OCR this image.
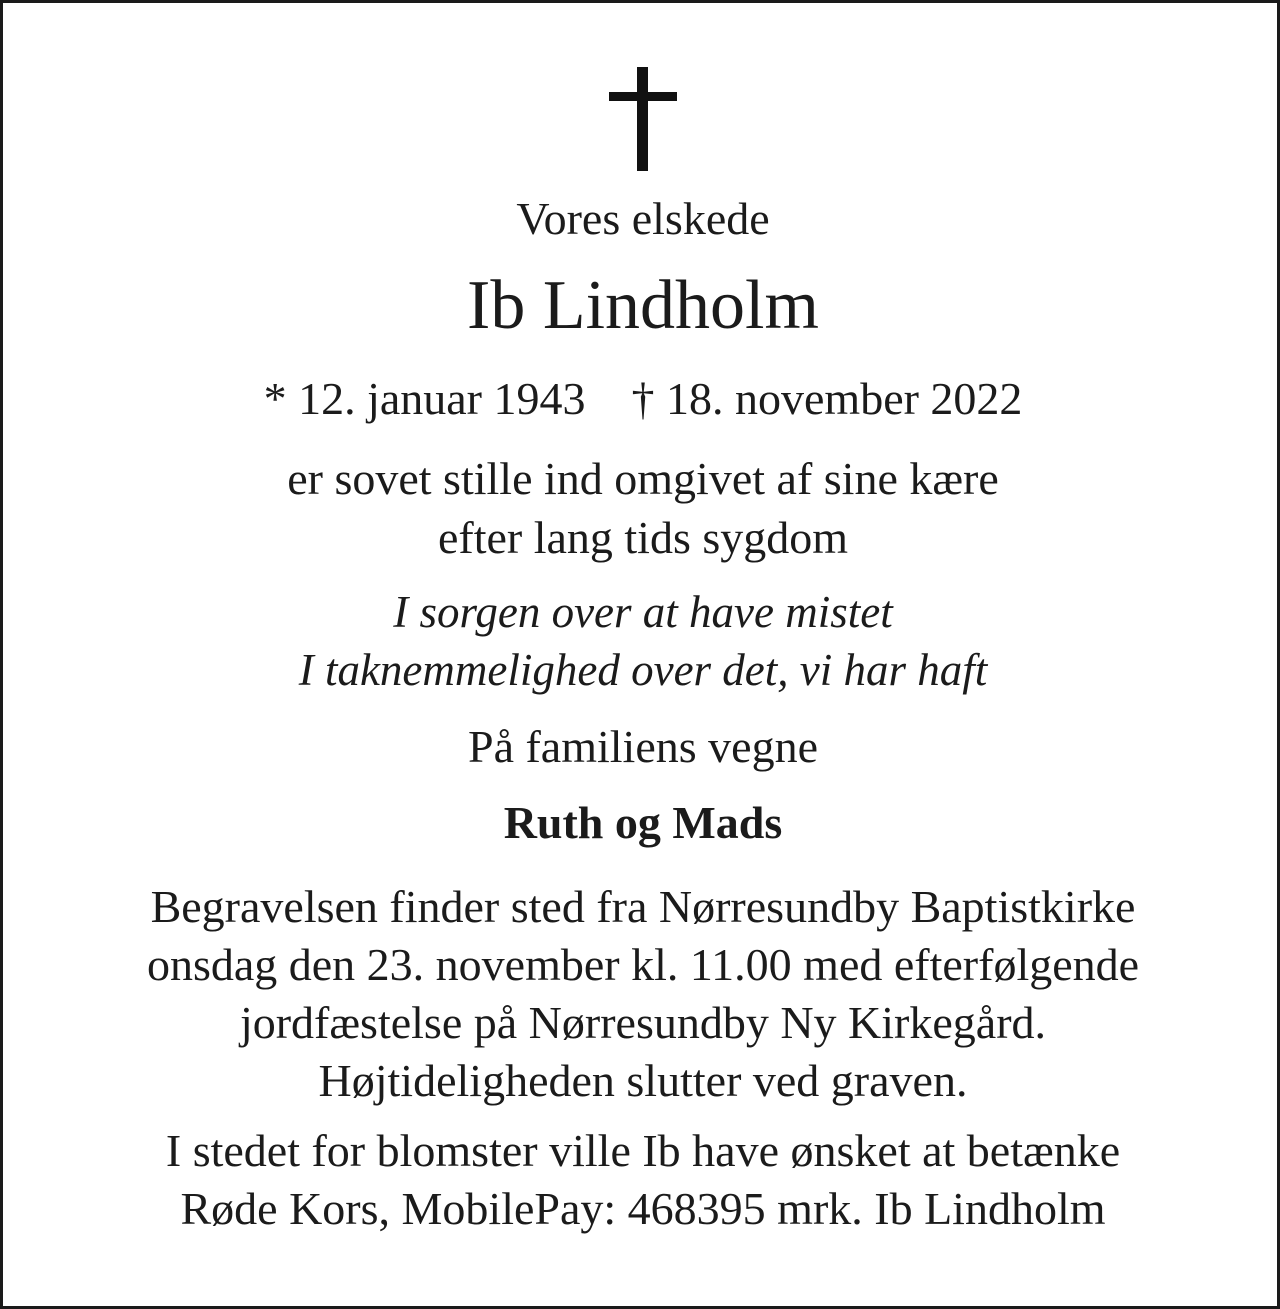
Vores elskede
Ib Lindholm
* 12. januar 1943 † 18. november 2022
er sovet stille ind omgivet af sine kære
efter lang tids sygdom
I sorgen over at have mistet
I taknemmelighed over det, vi har haft
På familiens vegne
Ruth og Mads
Begravelsen finder sted fra Nørresundby Baptistkirke
onsdag den 23. november kl. 11.00 med efterfølgende
jordfæstelse på Nørresundby Ny Kirkegård.
Højtideligheden slutter ved graven.
I stedet for blomster ville Ib have ønsket at betænke
Røde Kors, MobilePay: 468395 mrk. Ib Lindholm
